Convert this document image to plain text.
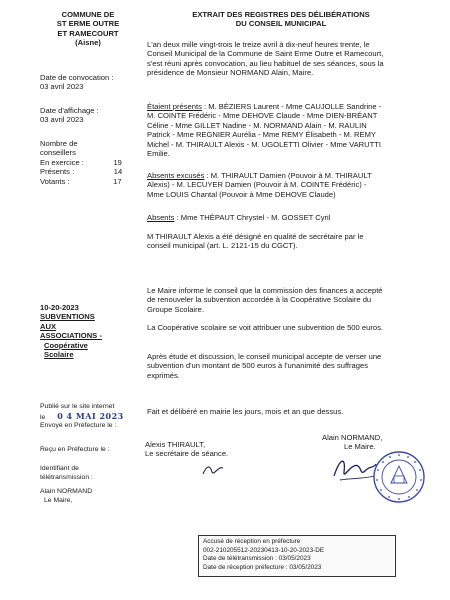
COMMUNE DE
ST ERME OUTRE
ET RAMECOURT
(Aisne)
EXTRAIT DES REGISTRES DES DÉLIBÉRATIONS
DU CONSEIL MUNICIPAL
Date de convocation :
03 avril 2023
Date d'affichage :
03 avril 2023
Nombre de
conseillers
En exercice :	19
Présents :	14
Votants :	17
L'an deux mille vingt-trois le treize avril à dix-neuf heures trente, le
Conseil Municipal de la Commune de Saint Erme Outre et Ramecourt,
s'est réuni après convocation, au lieu habituel de ses séances, sous la
présidence de Monsieur NORMAND Alain, Maire.
Étaient présents : M. BÉZIERS Laurent - Mme CAUJOLLE Sandrine -
M. COINTE Frédéric - Mme DEHOVE Claude - Mme DIEN-BRÉANT
Céline - Mme GILLET Nadine - M. NORMAND Alain - M. RAULIN
Patrick - Mme REGNIER Aurélia - Mme REMY Élisabeth - M. REMY
Michel - M. THIRAULT Alexis - M. UGOLETTI Olivier - Mme VARUTTI
Emilie.
Absents excusés : M. THIRAULT Damien (Pouvoir à M. THIRAULT
Alexis) - M. LECUYER Damien (Pouvoir à M. COINTE Frédéric) -
Mme LOUIS Chantal (Pouvoir à Mme DEHOVE Claude)
Absents : Mme THÉPAUT Chrystel - M. GOSSET Cyril
M THIRAULT Alexis a été désigné en qualité de secrétaire par le
conseil municipal (art. L. 2121-15 du CGCT).
10-20-2023
SUBVENTIONS
AUX
ASSOCIATIONS -
Coopérative
Scolaire
Le Maire informe le conseil que la commission des finances a accepté
de renouveler la subvention accordée à la Coopérative Scolaire du
Groupe Scolaire.
La Coopérative scolaire se voit attribuer une subvention de 500 euros.
Après étude et discussion, le conseil municipal accepte de verser une
subvention d'un montant de 500 euros à l'unanimité des suffrages
exprimés.
Fait et délibéré en mairie les jours, mois et an que dessus.
Publié sur le site internet
le 0 4 MAI 2023
Envoyé en Préfecture le :
Reçu en Préfecture le :
Identifiant de
télétransmission :
Alain NORMAND
Le Maire,
Alexis THIRAULT,
Le secrétaire de séance.
Alain NORMAND,
Le Maire.
Accusé de réception en préfecture
002-210205512-20230413-10-20-2023-DE
Date de télétransmission : 03/05/2023
Date de réception préfecture : 03/05/2023
